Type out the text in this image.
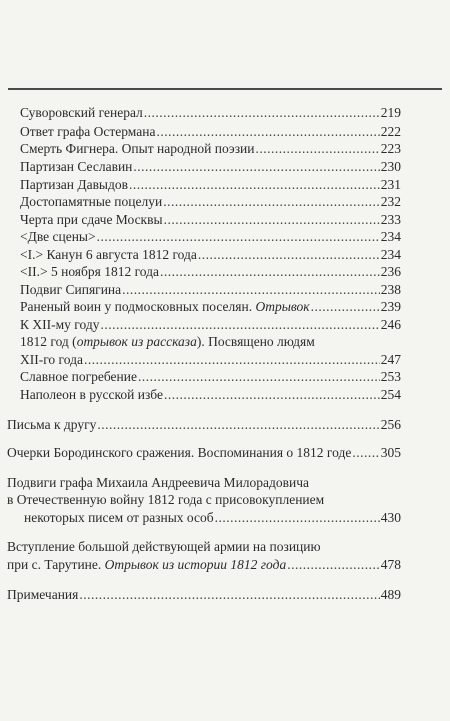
Суворовский генерал .....	219
Ответ графа Остермана .....	222
Смерть Фигнера. Опыт народной поэзии .....	223
Партизан Сеславин .....	230
Партизан Давыдов .....	231
Достопамятные поцелуи .....	232
Черта при сдаче Москвы .....	233
<Две сцены> .....	234
<I.> Канун 6 августа 1812 года .....	234
<II.> 5 ноября 1812 года .....	236
Подвиг Сипягина .....	238
Раненый воин у подмосковных поселян. Отрывок .....	239
К XII-му году .....	246
1812 год (отрывок из рассказа). Посвящено людям
XII-го года .....	247
Славное погребение .....	253
Наполеон в русской избе .....	254
Письма к другу .....	256
Очерки Бородинского сражения. Воспоминания о 1812 годе ..... 305
Подвиги графа Михаила Андреевича Милорадовича
в Отечественную войну 1812 года с присовокуплением
некоторых писем от разных особ .....	430
Вступление большой действующей армии на позицию
при с. Тарутине. Отрывок из истории 1812 года .....	478
Примечания .....	489
